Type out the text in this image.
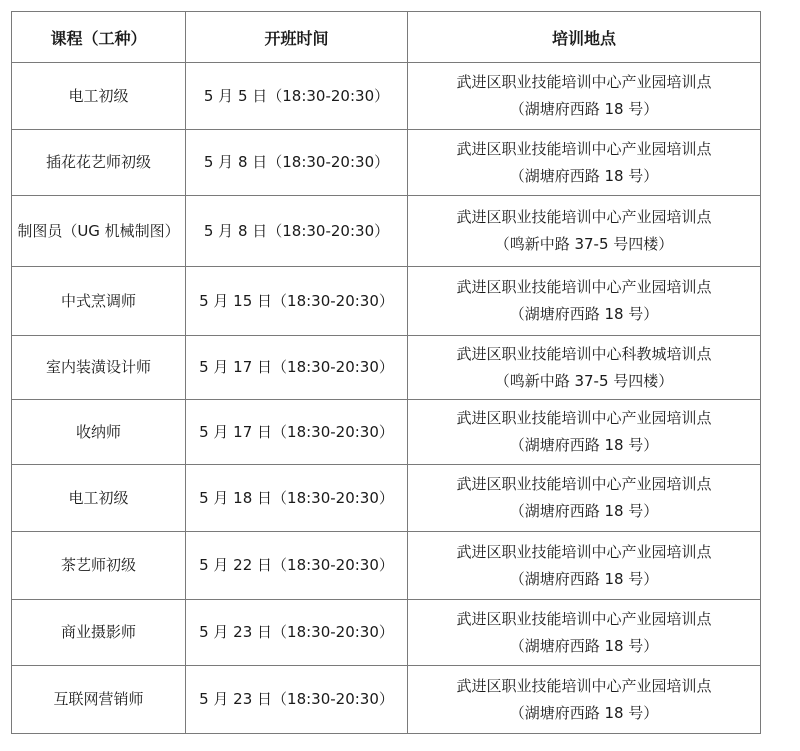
课程（工种）	开班时间	培训地点
电工初级	5 月 5 日（18:30-20:30）	武进区职业技能培训中心产业园培训点
（湖塘府西路 18 号）

插花花艺师初级	5 月 8 日（18:30-20:30）	武进区职业技能培训中心产业园培训点
（湖塘府西路 18 号）

制图员（UG 机械制图）	5 月 8 日（18:30-20:30）	武进区职业技能培训中心产业园培训点
（鸣新中路 37-5 号四楼）

中式烹调师	5 月 15 日（18:30-20:30）	武进区职业技能培训中心产业园培训点
（湖塘府西路 18 号）

室内装潢设计师	5 月 17 日（18:30-20:30）	武进区职业技能培训中心科教城培训点
（鸣新中路 37-5 号四楼）

收纳师	5 月 17 日（18:30-20:30）	武进区职业技能培训中心产业园培训点
（湖塘府西路 18 号）

电工初级	5 月 18 日（18:30-20:30）	武进区职业技能培训中心产业园培训点
（湖塘府西路 18 号）

茶艺师初级	5 月 22 日（18:30-20:30）	武进区职业技能培训中心产业园培训点
（湖塘府西路 18 号）

商业摄影师	5 月 23 日（18:30-20:30）	武进区职业技能培训中心产业园培训点
（湖塘府西路 18 号）

互联网营销师	5 月 23 日（18:30-20:30）	武进区职业技能培训中心产业园培训点
（湖塘府西路 18 号）
